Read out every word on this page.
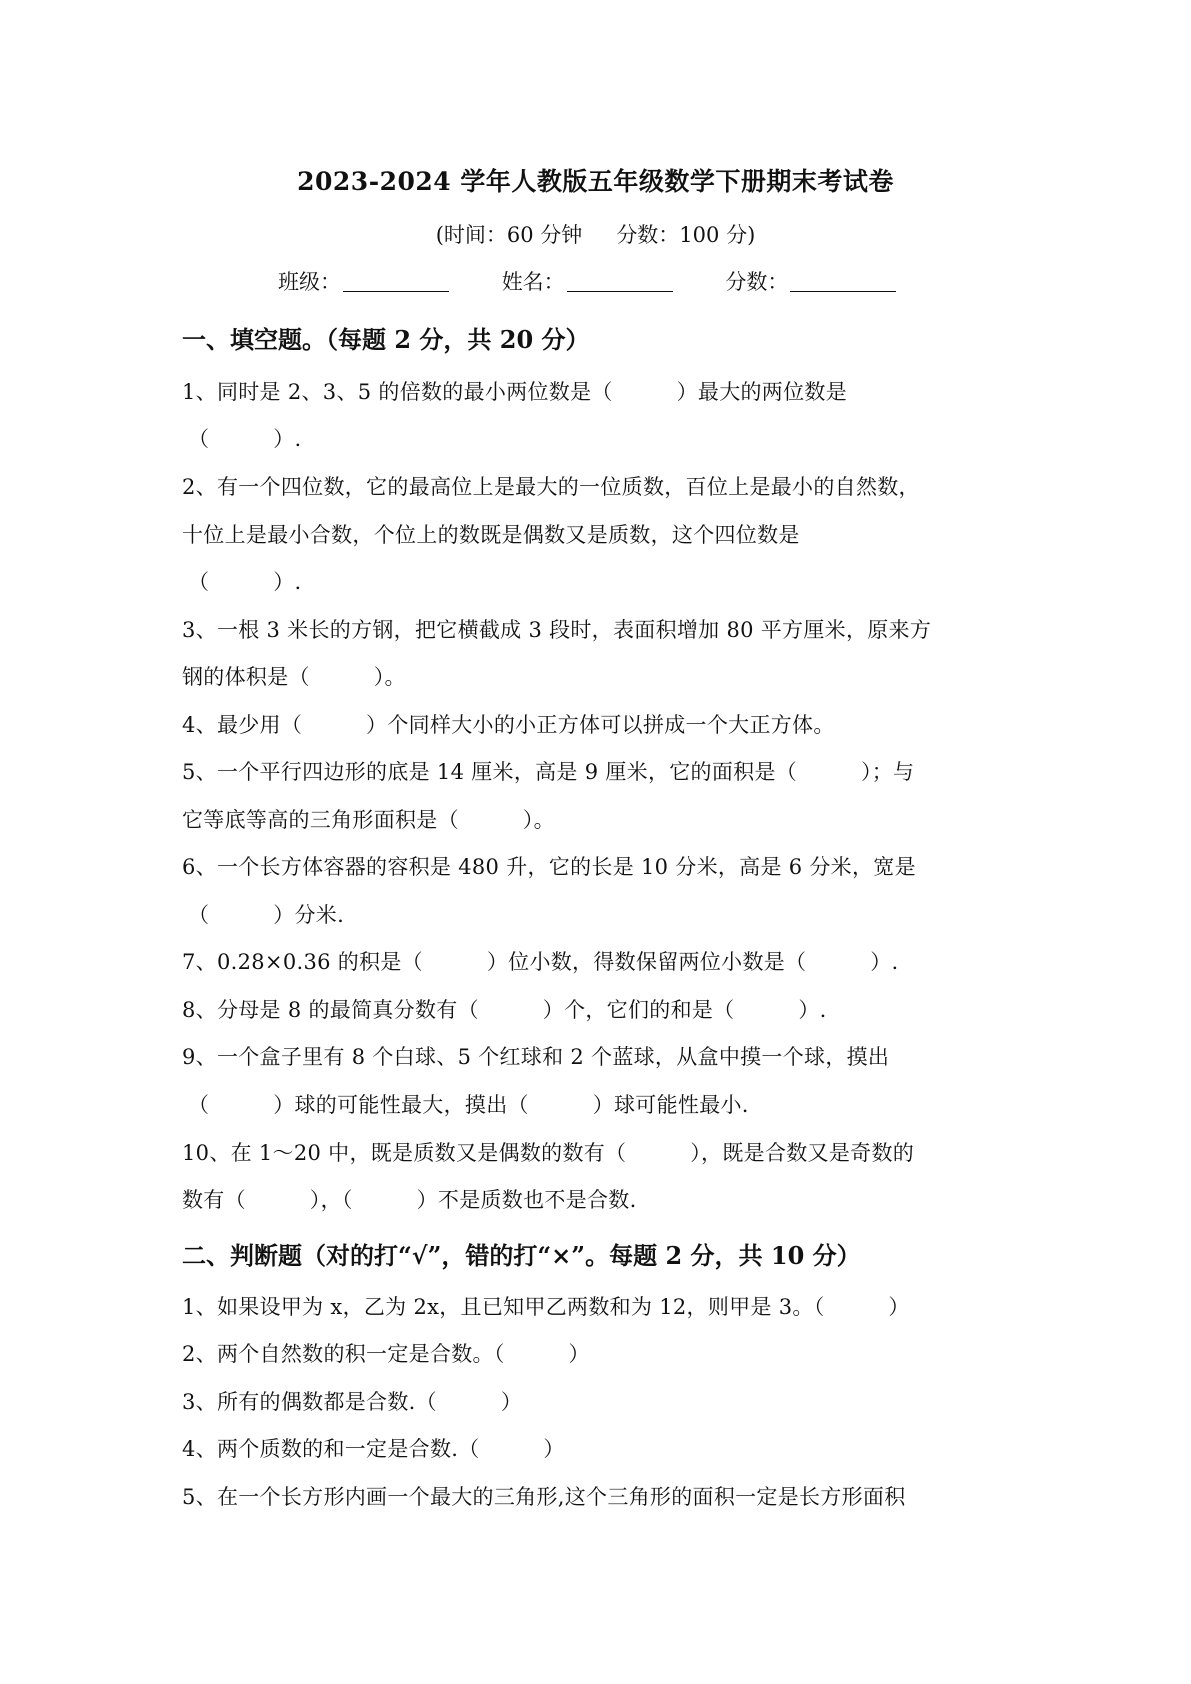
2023-2024 学年人教版五年级数学下册期末考试卷
(时间：60 分钟 分数：100 分)
班级：	姓名：	分数：
一、填空题。（每题 2 分，共 20 分）
1、同时是 2、3、5 的倍数的最小两位数是（　　　）最大的两位数是
（　　　）.
2、有一个四位数，它的最高位上是最大的一位质数，百位上是最小的自然数，
十位上是最小合数，个位上的数既是偶数又是质数，这个四位数是
（　　　）.
3、一根 3 米长的方钢，把它横截成 3 段时，表面积增加 80 平方厘米，原来方
钢的体积是（　　　）。
4、最少用（　　　）个同样大小的小正方体可以拼成一个大正方体。
5、一个平行四边形的底是 14 厘米，高是 9 厘米，它的面积是（　　　）；与
它等底等高的三角形面积是（　　　）。
6、一个长方体容器的容积是 480 升，它的长是 10 分米，高是 6 分米，宽是
（　　　）分米.
7、0.28×0.36 的积是（　　　）位小数，得数保留两位小数是（　　　）.
8、分母是 8 的最简真分数有（　　　）个，它们的和是（　　　）.
9、一个盒子里有 8 个白球、5 个红球和 2 个蓝球，从盒中摸一个球，摸出
（　　　）球的可能性最大，摸出（　　　）球可能性最小.
10、在 1～20 中，既是质数又是偶数的数有（　　　），既是合数又是奇数的
数有（　　　），（　　　）不是质数也不是合数.
二、判断题（对的打“√”，错的打“×”。每题 2 分，共 10 分）
1、如果设甲为 x，乙为 2x，且已知甲乙两数和为 12，则甲是 3。（　　　）
2、两个自然数的积一定是合数。（　　　）
3、所有的偶数都是合数.（　　　）
4、两个质数的和一定是合数.（　　　）
5、在一个长方形内画一个最大的三角形,这个三角形的面积一定是长方形面积
